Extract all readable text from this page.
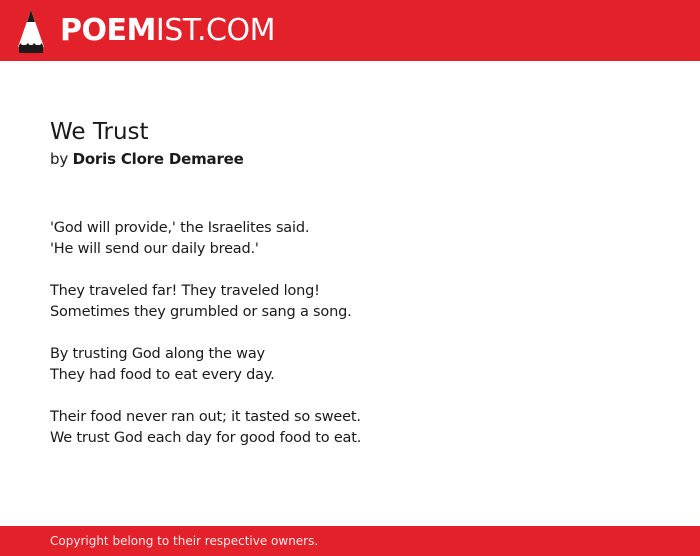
POEMIST.COM
We Trust
by Doris Clore Demaree
'God will provide,' the Israelites said.
'He will send our daily bread.'
They traveled far! They traveled long!
Sometimes they grumbled or sang a song.
By trusting God along the way
They had food to eat every day.
Their food never ran out; it tasted so sweet.
We trust God each day for good food to eat.
Copyright belong to their respective owners.
